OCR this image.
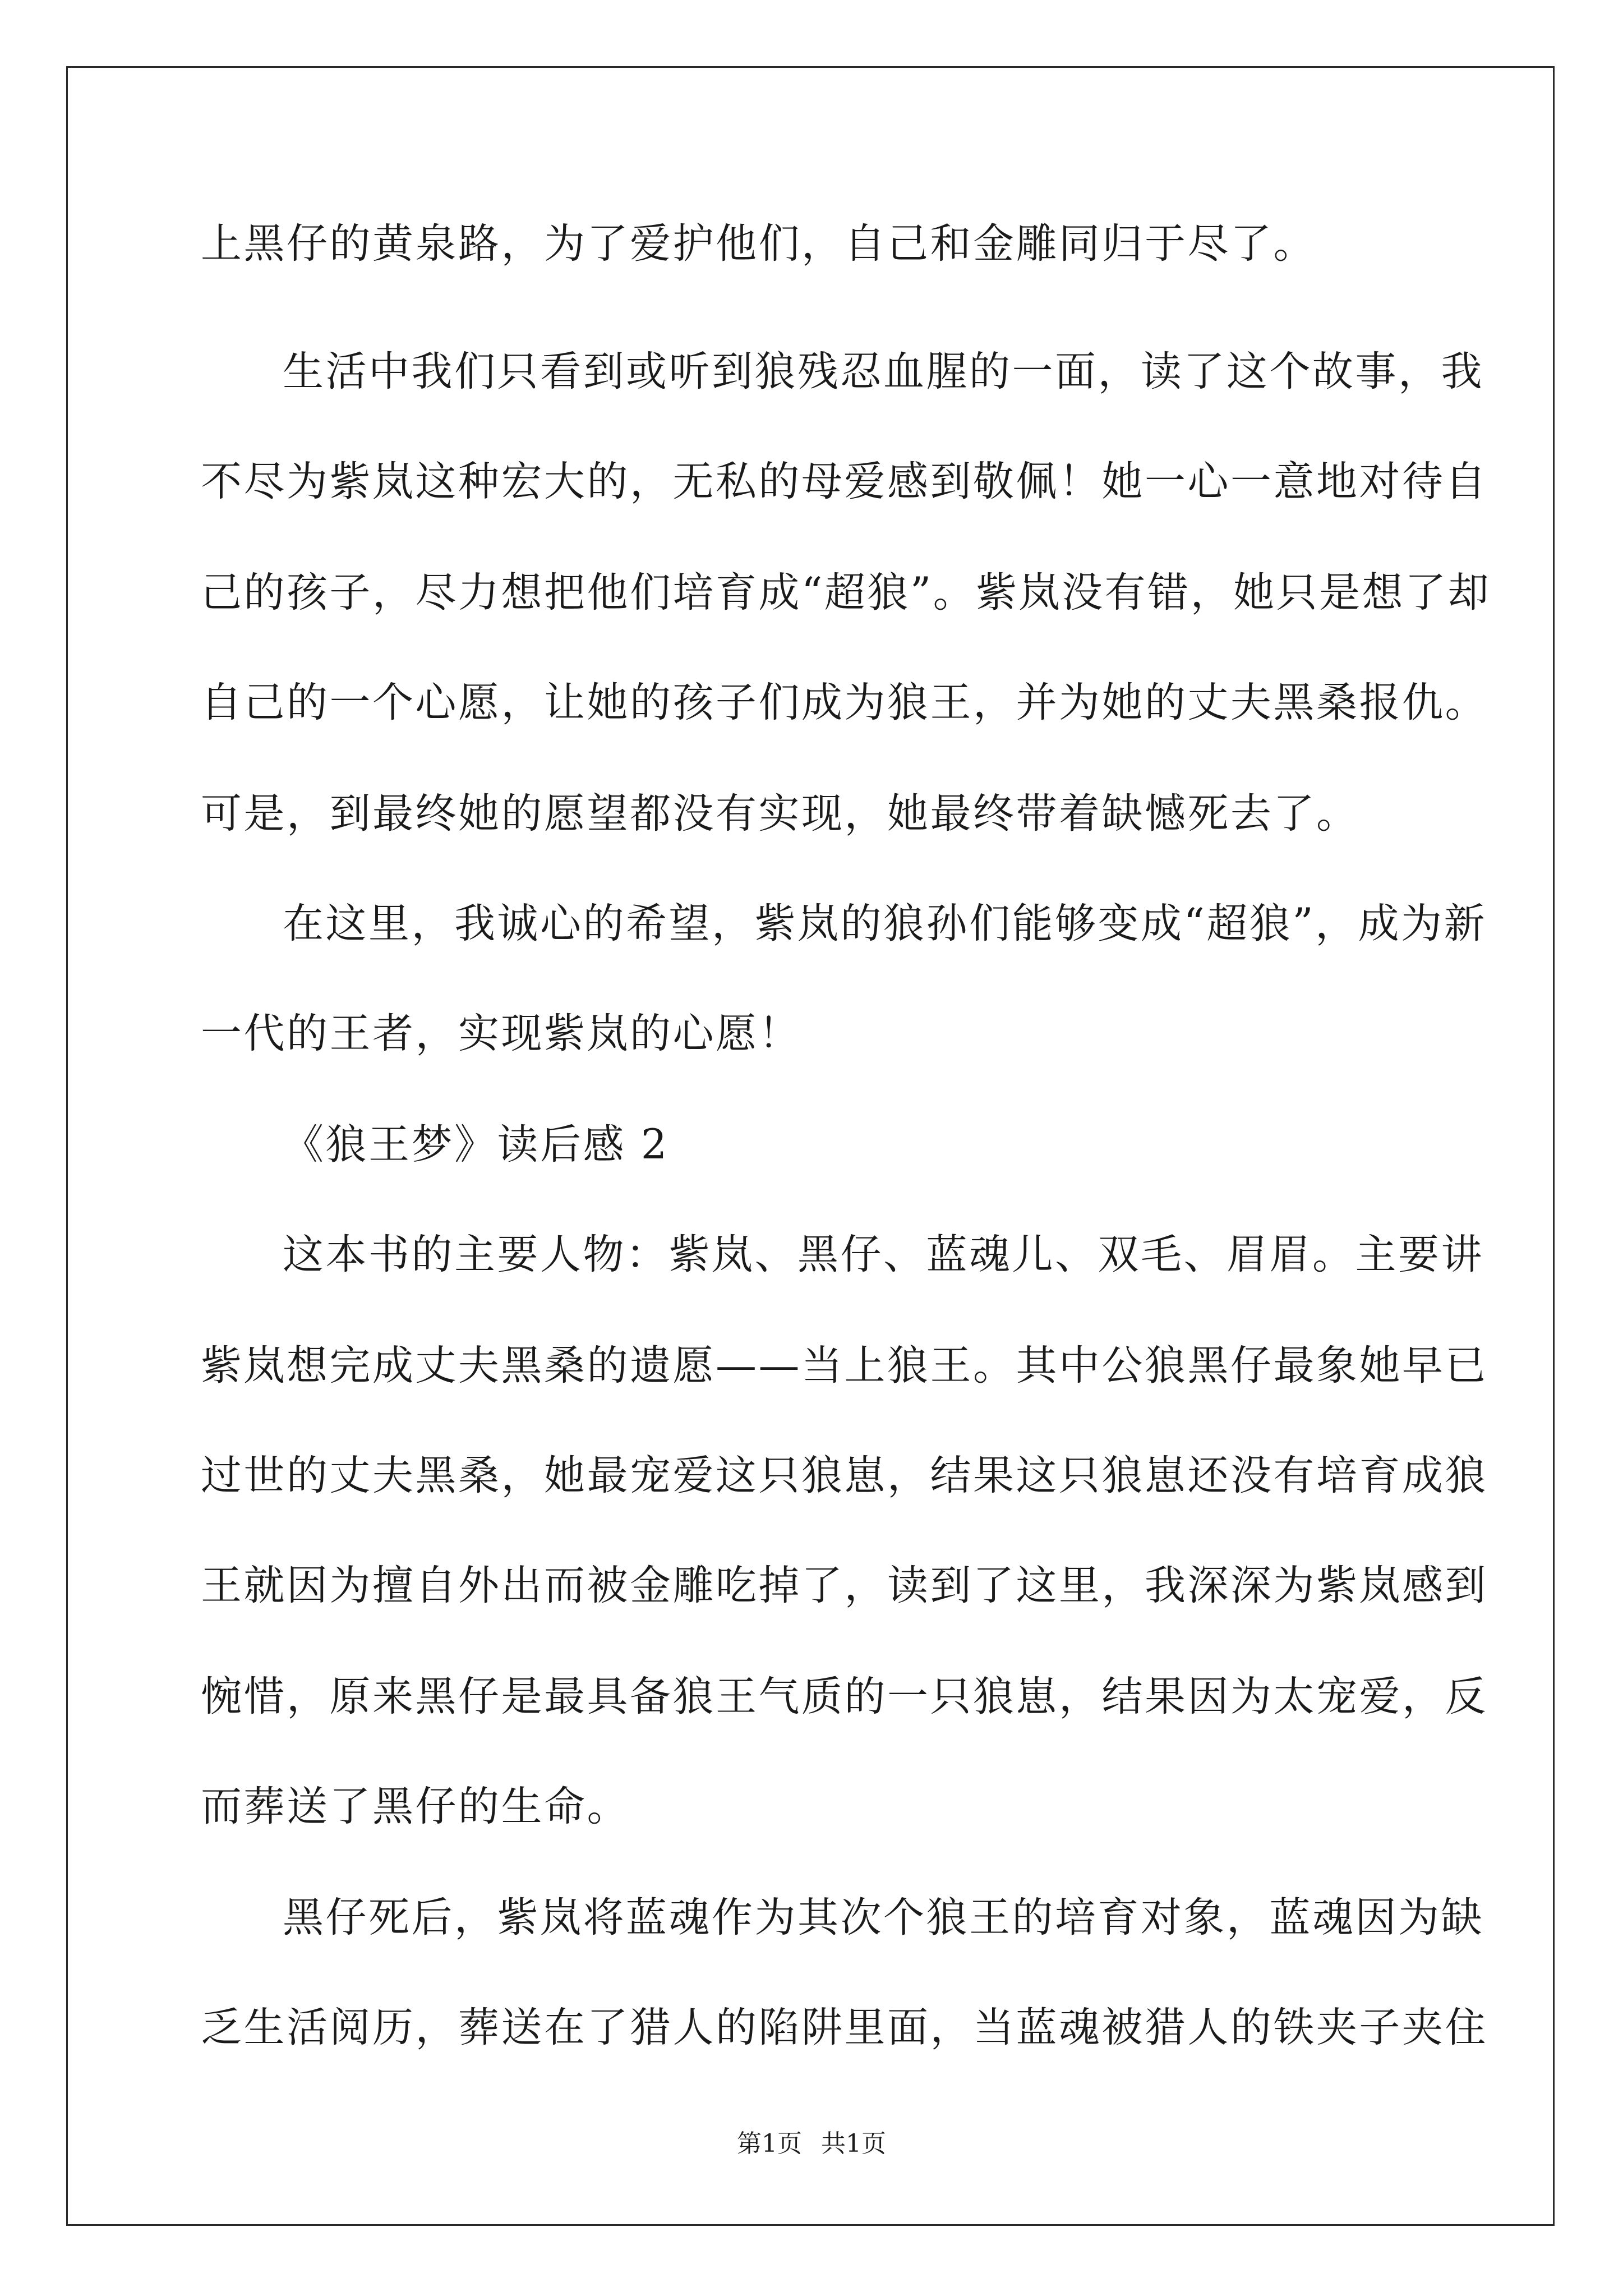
上黑仔的黄泉路，为了爱护他们，自己和金雕同归于尽了。
生活中我们只看到或听到狼残忍血腥的一面，读了这个故事，我
不尽为紫岚这种宏大的，无私的母爱感到敬佩！她一心一意地对待自
己的孩子，尽力想把他们培育成“超狼”。紫岚没有错，她只是想了却
自己的一个心愿，让她的孩子们成为狼王，并为她的丈夫黑桑报仇。
可是，到最终她的愿望都没有实现，她最终带着缺憾死去了。
在这里，我诚心的希望，紫岚的狼孙们能够变成“超狼”，成为新
一代的王者，实现紫岚的心愿！
《狼王梦》读后感 2
这本书的主要人物：紫岚、黑仔、蓝魂儿、双毛、眉眉。主要讲
紫岚想完成丈夫黑桑的遗愿——当上狼王。其中公狼黑仔最象她早已
过世的丈夫黑桑，她最宠爱这只狼崽，结果这只狼崽还没有培育成狼
王就因为擅自外出而被金雕吃掉了，读到了这里，我深深为紫岚感到
惋惜，原来黑仔是最具备狼王气质的一只狼崽，结果因为太宠爱，反
而葬送了黑仔的生命。
黑仔死后，紫岚将蓝魂作为其次个狼王的培育对象，蓝魂因为缺
乏生活阅历，葬送在了猎人的陷阱里面，当蓝魂被猎人的铁夹子夹住
第1页 共1页
